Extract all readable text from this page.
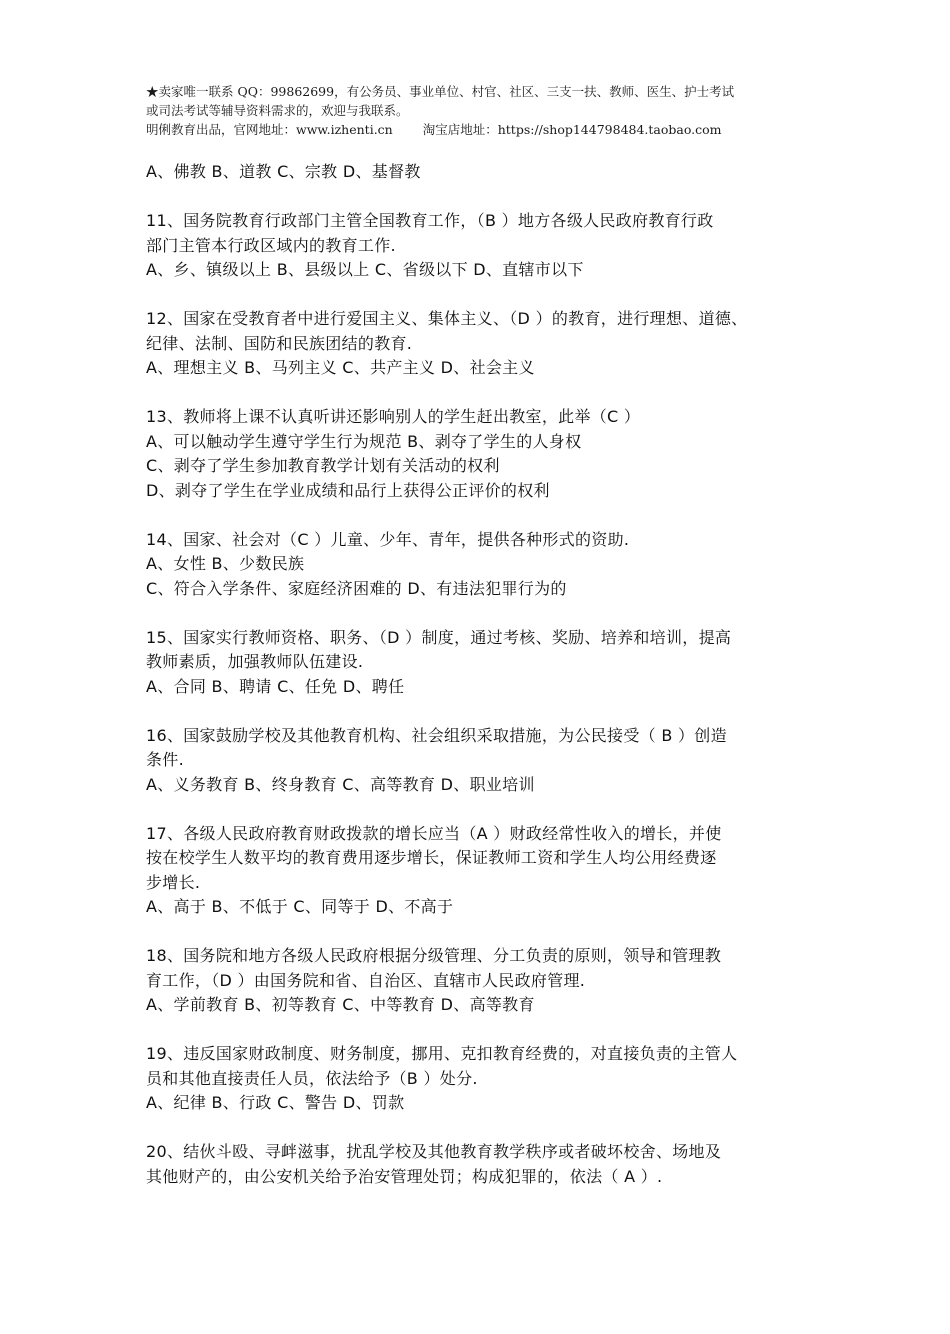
★卖家唯一联系 QQ：99862699，有公务员、事业单位、村官、社区、三支一扶、教师、医生、护士考试
或司法考试等辅导资料需求的，欢迎与我联系。
明俐教育出品，官网地址：www.izhenti.cn 淘宝店地址：https://shop144798484.taobao.com
A、佛教 B、道教 C、宗教 D、基督教
11、国务院教育行政部门主管全国教育工作，（B ）地方各级人民政府教育行政
部门主管本行政区域内的教育工作.
A、乡、镇级以上 B、县级以上 C、省级以下 D、直辖市以下
12、国家在受教育者中进行爱国主义、集体主义、（D ）的教育，进行理想、道德、
纪律、法制、国防和民族团结的教育.
A、理想主义 B、马列主义 C、共产主义 D、社会主义
13、教师将上课不认真听讲还影响别人的学生赶出教室，此举（C ）
A、可以触动学生遵守学生行为规范 B、剥夺了学生的人身权
C、剥夺了学生参加教育教学计划有关活动的权利
D、剥夺了学生在学业成绩和品行上获得公正评价的权利
14、国家、社会对（C ）儿童、少年、青年，提供各种形式的资助.
A、女性 B、少数民族
C、符合入学条件、家庭经济困难的 D、有违法犯罪行为的
15、国家实行教师资格、职务、（D ）制度，通过考核、奖励、培养和培训，提高
教师素质，加强教师队伍建设.
A、合同 B、聘请 C、任免 D、聘任
16、国家鼓励学校及其他教育机构、社会组织采取措施，为公民接受（ B ）创造
条件.
A、义务教育 B、终身教育 C、高等教育 D、职业培训
17、各级人民政府教育财政拨款的增长应当（A ）财政经常性收入的增长，并使
按在校学生人数平均的教育费用逐步增长，保证教师工资和学生人均公用经费逐
步增长.
A、高于 B、不低于 C、同等于 D、不高于
18、国务院和地方各级人民政府根据分级管理、分工负责的原则，领导和管理教
育工作，（D ）由国务院和省、自治区、直辖市人民政府管理.
A、学前教育 B、初等教育 C、中等教育 D、高等教育
19、违反国家财政制度、财务制度，挪用、克扣教育经费的，对直接负责的主管人
员和其他直接责任人员，依法给予（B ）处分.
A、纪律 B、行政 C、警告 D、罚款
20、结伙斗殴、寻衅滋事，扰乱学校及其他教育教学秩序或者破坏校舍、场地及
其他财产的，由公安机关给予治安管理处罚；构成犯罪的，依法（ A ）.
